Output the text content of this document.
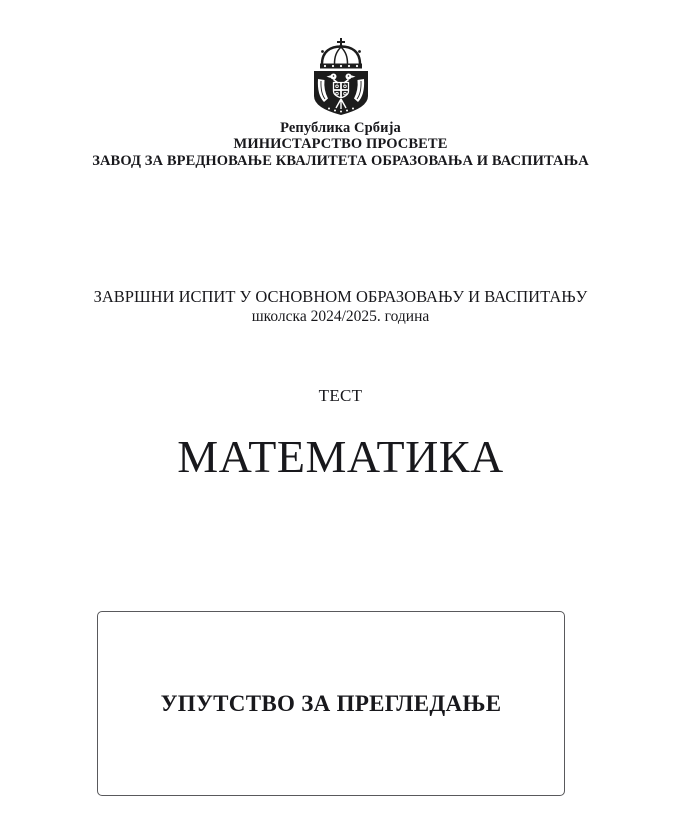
Република Србија
МИНИСТАРСТВО ПРОСВЕТЕ
ЗАВОД ЗА ВРЕДНОВАЊЕ КВАЛИТЕТА ОБРАЗОВАЊА И ВАСПИТАЊА
ЗАВРШНИ ИСПИТ У ОСНОВНОМ ОБРАЗОВАЊУ И ВАСПИТАЊУ
школска 2024/2025. година
ТЕСТ
МАТЕМАТИКА
УПУТСТВО ЗА ПРЕГЛЕДАЊЕ
